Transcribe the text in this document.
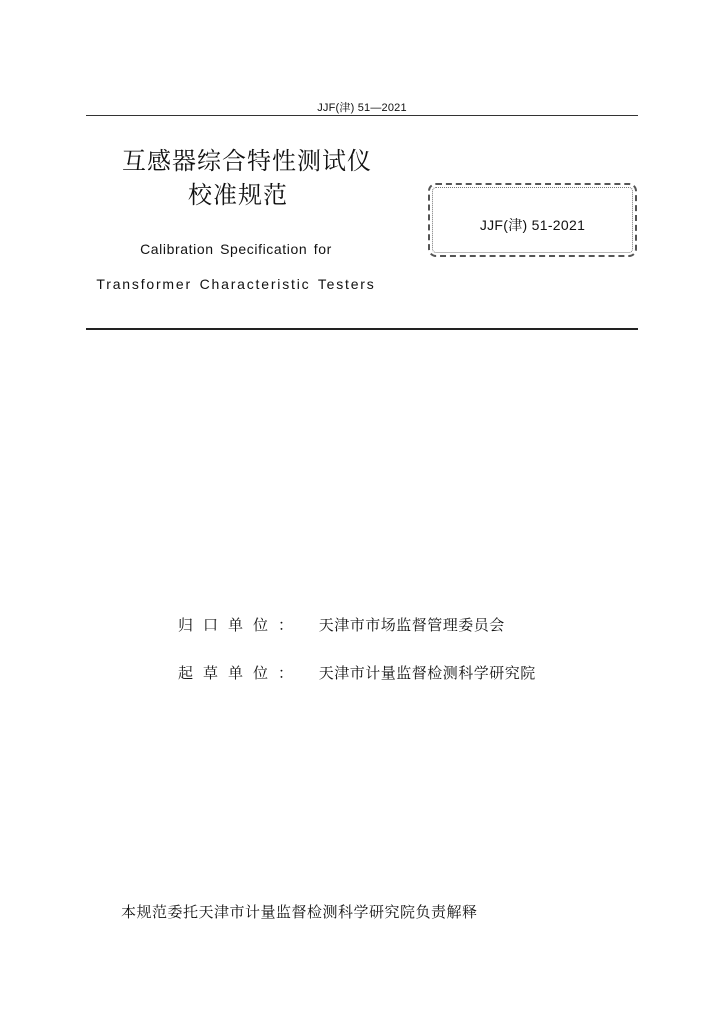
JJF(津) 51—2021
互感器综合特性测试仪
校准规范
Calibration Specification for
Transformer Characteristic Testers
JJF(津) 51-2021
归口单位： 天津市市场监督管理委员会
起草单位： 天津市计量监督检测科学研究院
本规范委托天津市计量监督检测科学研究院负责解释
